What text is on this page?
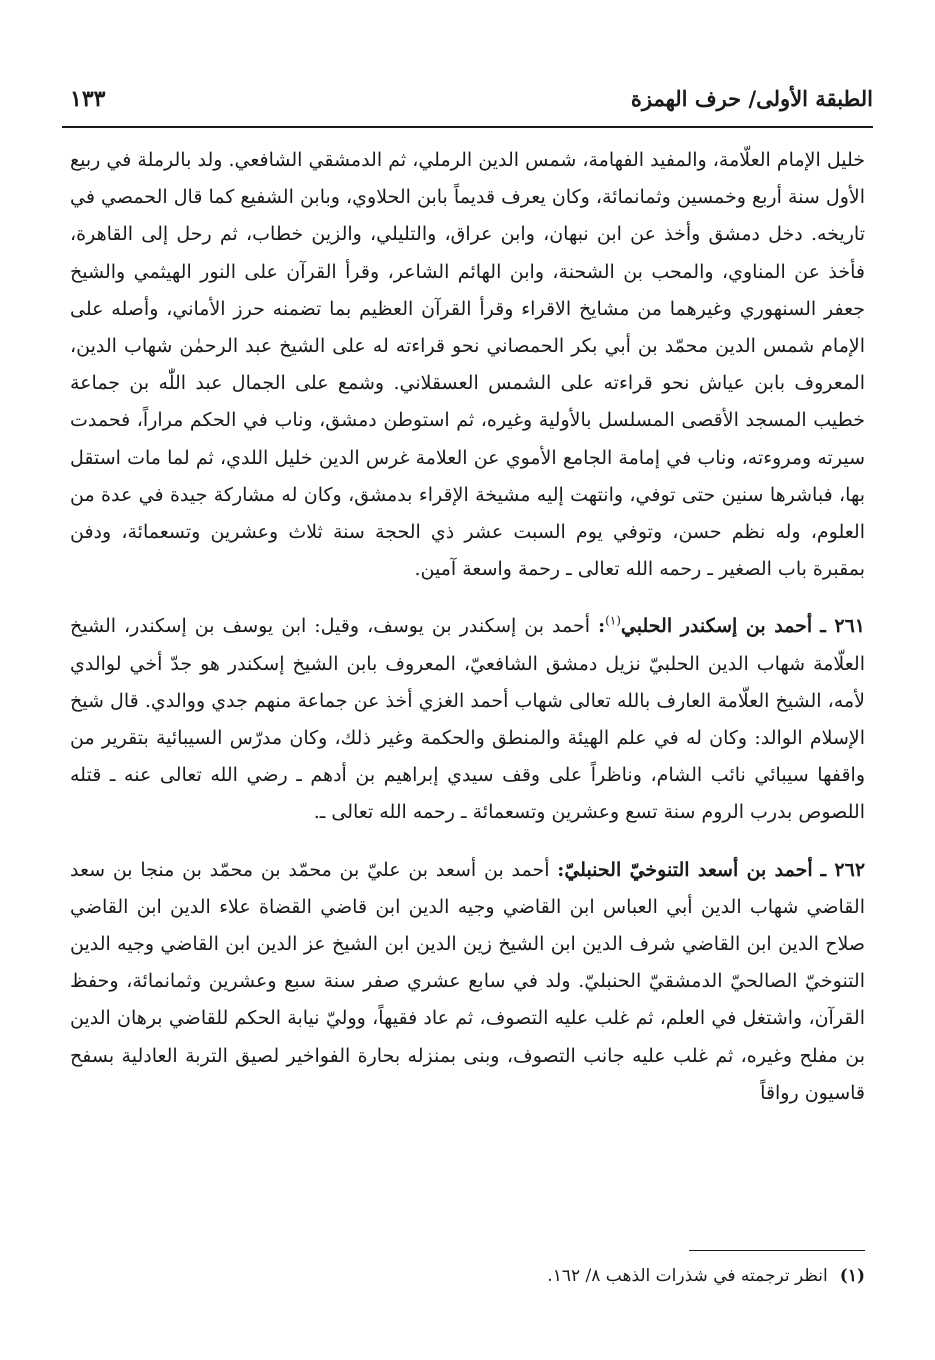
الطبقة الأولى/ حرف الهمزة
١٣٣

خليل الإمام العلّامة، والمفيد الفهامة، شمس الدين الرملي، ثم الدمشقي الشافعي. ولد بالرملة في ربيع الأول سنة أربع وخمسين وثمانمائة، وكان يعرف قديماً بابن الحلاوي، وبابن الشفيع كما قال الحمصي في تاريخه. دخل دمشق وأخذ عن ابن نبهان، وابن عراق، والتليلي، والزين خطاب، ثم رحل إلى القاهرة، فأخذ عن المناوي، والمحب بن الشحنة، وابن الهائم الشاعر، وقرأ القرآن على النور الهيثمي والشيخ جعفر السنهوري وغيرهما من مشايخ الاقراء وقرأ القرآن العظيم بما تضمنه حرز الأماني، وأصله على الإمام شمس الدين محمّد بن أبي بكر الحمصاني نحو قراءته له على الشيخ عبد الرحمٰن شهاب الدين، المعروف بابن عياش نحو قراءته على الشمس العسقلاني. وشمع على الجمال عبد اللّٰه بن جماعة خطيب المسجد الأقصى المسلسل بالأولية وغيره، ثم استوطن دمشق، وناب في الحكم مراراً، فحمدت سيرته ومروءته، وناب في إمامة الجامع الأموي عن العلامة غرس الدين خليل اللدي، ثم لما مات استقل بها، فباشرها سنين حتى توفي، وانتهت إليه مشيخة الإقراء بدمشق، وكان له مشاركة جيدة في عدة من العلوم، وله نظم حسن، وتوفي يوم السبت عشر ذي الحجة سنة ثلاث وعشرين وتسعمائة، ودفن بمقبرة باب الصغير ـ رحمه الله تعالى ـ رحمة واسعة آمين.

٢٦١ ـ أحمد بن إسكندر الحلبي$^{(١)}$: أحمد بن إسكندر بن يوسف، وقيل: ابن يوسف بن إسكندر، الشيخ العلّامة شهاب الدين الحلبيّ نزيل دمشق الشافعيّ، المعروف بابن الشيخ إسكندر هو جدّ أخي لوالدي لأمه، الشيخ العلّامة العارف بالله تعالى شهاب أحمد الغزي أخذ عن جماعة منهم جدي ووالدي. قال شيخ الإسلام الوالد: وكان له في علم الهيئة والمنطق والحكمة وغير ذلك، وكان مدرّس السيبائية بتقرير من واقفها سيبائي نائب الشام، وناظراً على وقف سيدي إبراهيم بن أدهم ـ رضي الله تعالى عنه ـ قتله اللصوص بدرب الروم سنة تسع وعشرين وتسعمائة ـ رحمه الله تعالى ـ.

٢٦٢ ـ أحمد بن أسعد التنوخيّ الحنبليّ: أحمد بن أسعد بن عليّ بن محمّد بن محمّد بن منجا بن سعد القاضي شهاب الدين أبي العباس ابن القاضي وجيه الدين ابن قاضي القضاة علاء الدين ابن القاضي صلاح الدين ابن القاضي شرف الدين ابن الشيخ زين الدين ابن الشيخ عز الدين ابن القاضي وجيه الدين التنوخيّ الصالحيّ الدمشقيّ الحنبليّ. ولد في سابع عشري صفر سنة سبع وعشرين وثمانمائة، وحفظ القرآن، واشتغل في العلم، ثم غلب عليه التصوف، ثم عاد فقيهاً، ووليّ نيابة الحكم للقاضي برهان الدين بن مفلح وغيره، ثم غلب عليه جانب التصوف، وبنى بمنزله بحارة الفواخير لصيق التربة العادلية بسفح قاسيون رواقاً

(١)انظر ترجمته في شذرات الذهب ٨/ ١٦٢.
